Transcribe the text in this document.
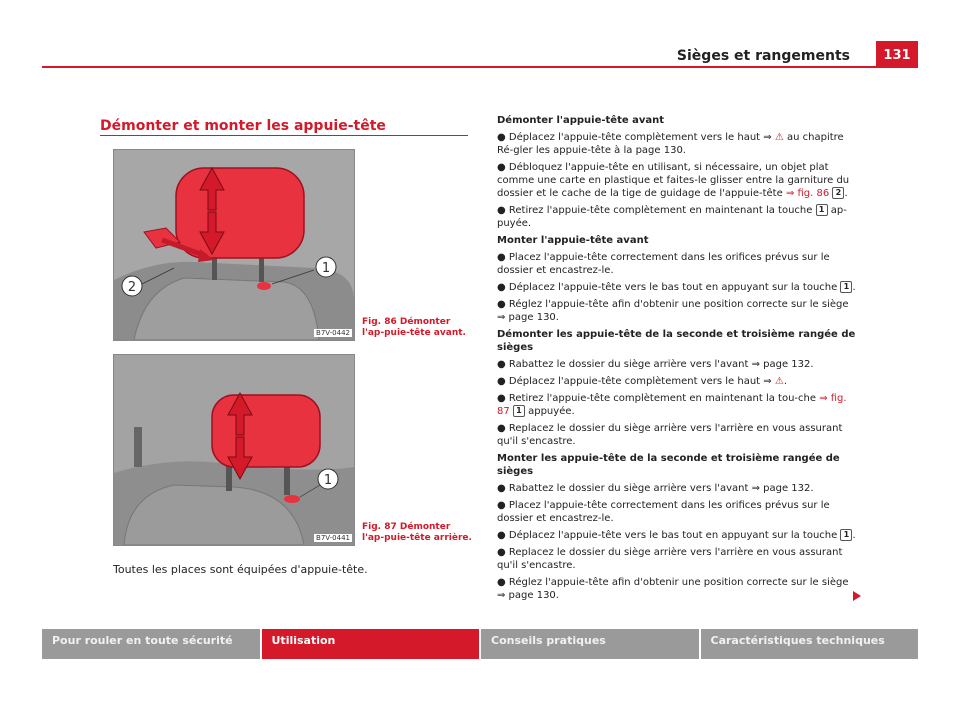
Sièges et rangements	131
Démonter et monter les appuie-tête
1
2
B7V-0442
Fig. 86 Démonter l'ap-puie-tête avant.
1
B7V-0441
Fig. 87 Démonter l'ap-puie-tête arrière.
Toutes les places sont équipées d'appuie-tête.
Démonter l'appuie-tête avant
● Déplacez l'appuie-tête complètement vers le haut ⇒ ⚠ au chapitre Ré-gler les appuie-tête à la page 130.
● Débloquez l'appuie-tête en utilisant, si nécessaire, un objet plat comme une carte en plastique et faites-le glisser entre la garniture du dossier et le cache de la tige de guidage de l'appuie-tête ⇒ fig. 86 2 .
● Retirez l'appuie-tête complètement en maintenant la touche 1 ap-puyée.
Monter l'appuie-tête avant
● Placez l'appuie-tête correctement dans les orifices prévus sur le dossier et encastrez-le.
● Déplacez l'appuie-tête vers le bas tout en appuyant sur la touche 1 .
● Réglez l'appuie-tête afin d'obtenir une position correcte sur le siège ⇒ page 130.
Démonter les appuie-tête de la seconde et troisième rangée de sièges
● Rabattez le dossier du siège arrière vers l'avant ⇒ page 132.
● Déplacez l'appuie-tête complètement vers le haut ⇒ ⚠.
● Retirez l'appuie-tête complètement en maintenant la tou-che ⇒ fig. 87 1 appuyée.
● Replacez le dossier du siège arrière vers l'arrière en vous assurant qu'il s'encastre.
Monter les appuie-tête de la seconde et troisième rangée de sièges
● Rabattez le dossier du siège arrière vers l'avant ⇒ page 132.
● Placez l'appuie-tête correctement dans les orifices prévus sur le dossier et encastrez-le.
● Déplacez l'appuie-tête vers le bas tout en appuyant sur la touche 1 .
● Replacez le dossier du siège arrière vers l'arrière en vous assurant qu'il s'encastre.
● Réglez l'appuie-tête afin d'obtenir une position correcte sur le siège ⇒ page 130.
Pour rouler en toute sécurité	Utilisation	Conseils pratiques	Caractéristiques techniques
